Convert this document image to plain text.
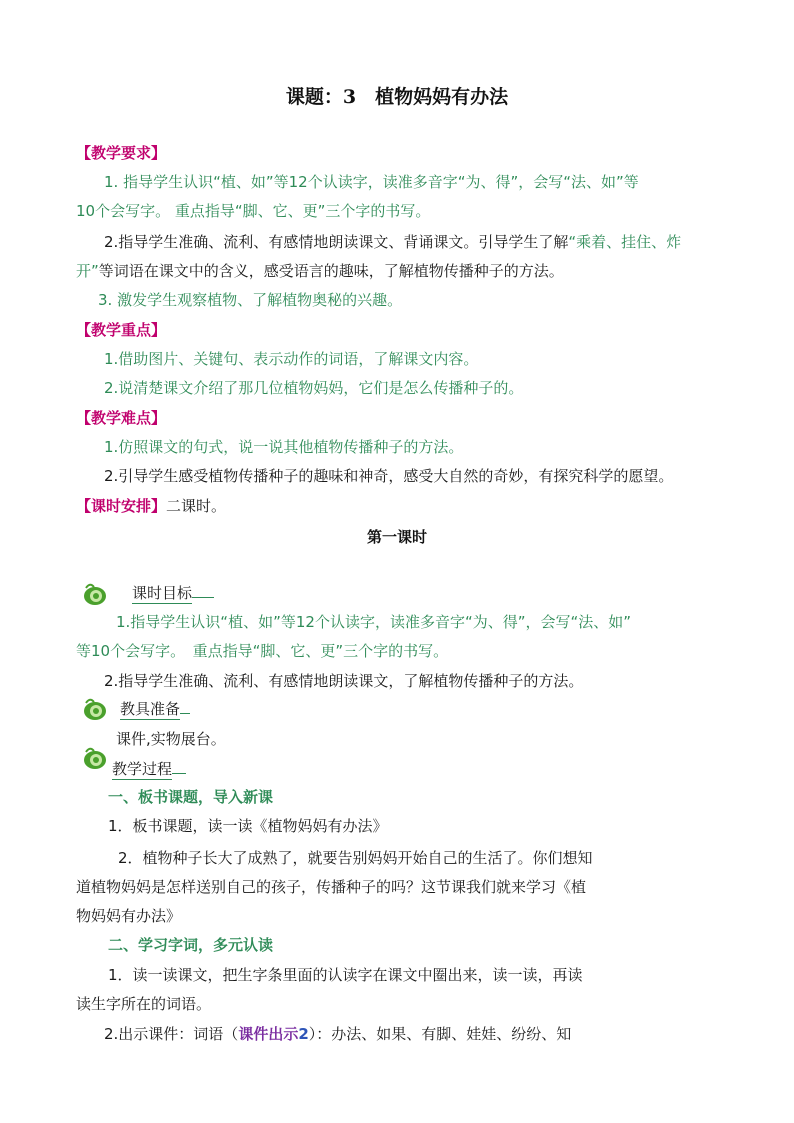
课题：3　植物妈妈有办法
【教学要求】
1. 指导学生认识“植、如”等12个认读字，读准多音字“为、得”，会写“法、如”等
10个会写字。 重点指导“脚、它、更”三个字的书写。
2.指导学生准确、流利、有感情地朗读课文、背诵课文。引导学生了解“乘着、挂住、炸
开”等词语在课文中的含义，感受语言的趣味，了解植物传播种子的方法。
3. 激发学生观察植物、了解植物奥秘的兴趣。
【教学重点】
1.借助图片、关键句、表示动作的词语，了解课文内容。
2.说清楚课文介绍了那几位植物妈妈，它们是怎么传播种子的。
【教学难点】
1.仿照课文的句式，说一说其他植物传播种子的方法。
2.引导学生感受植物传播种子的趣味和神奇，感受大自然的奇妙，有探究科学的愿望。
【课时安排】二课时。
第一课时
课时目标
1.指导学生认识“植、如”等12个认读字，读准多音字“为、得”，会写“法、如”
等10个会写字。　重点指导“脚、它、更”三个字的书写。
2.指导学生准确、流利、有感情地朗读课文，了解植物传播种子的方法。
教具准备
课件,实物展台。
教学过程
一、板书课题，导入新课
1．板书课题，读一读《植物妈妈有办法》
2．植物种子长大了成熟了，就要告别妈妈开始自己的生活了。你们想知
道植物妈妈是怎样送别自己的孩子，传播种子的吗？这节课我们就来学习《植
物妈妈有办法》
二、学习字词，多元认读
1．读一读课文，把生字条里面的认读字在课文中圈出来，读一读，再读
读生字所在的词语。
2.出示课件：词语（课件出示2）：办法、如果、有脚、娃娃、纷纷、知
